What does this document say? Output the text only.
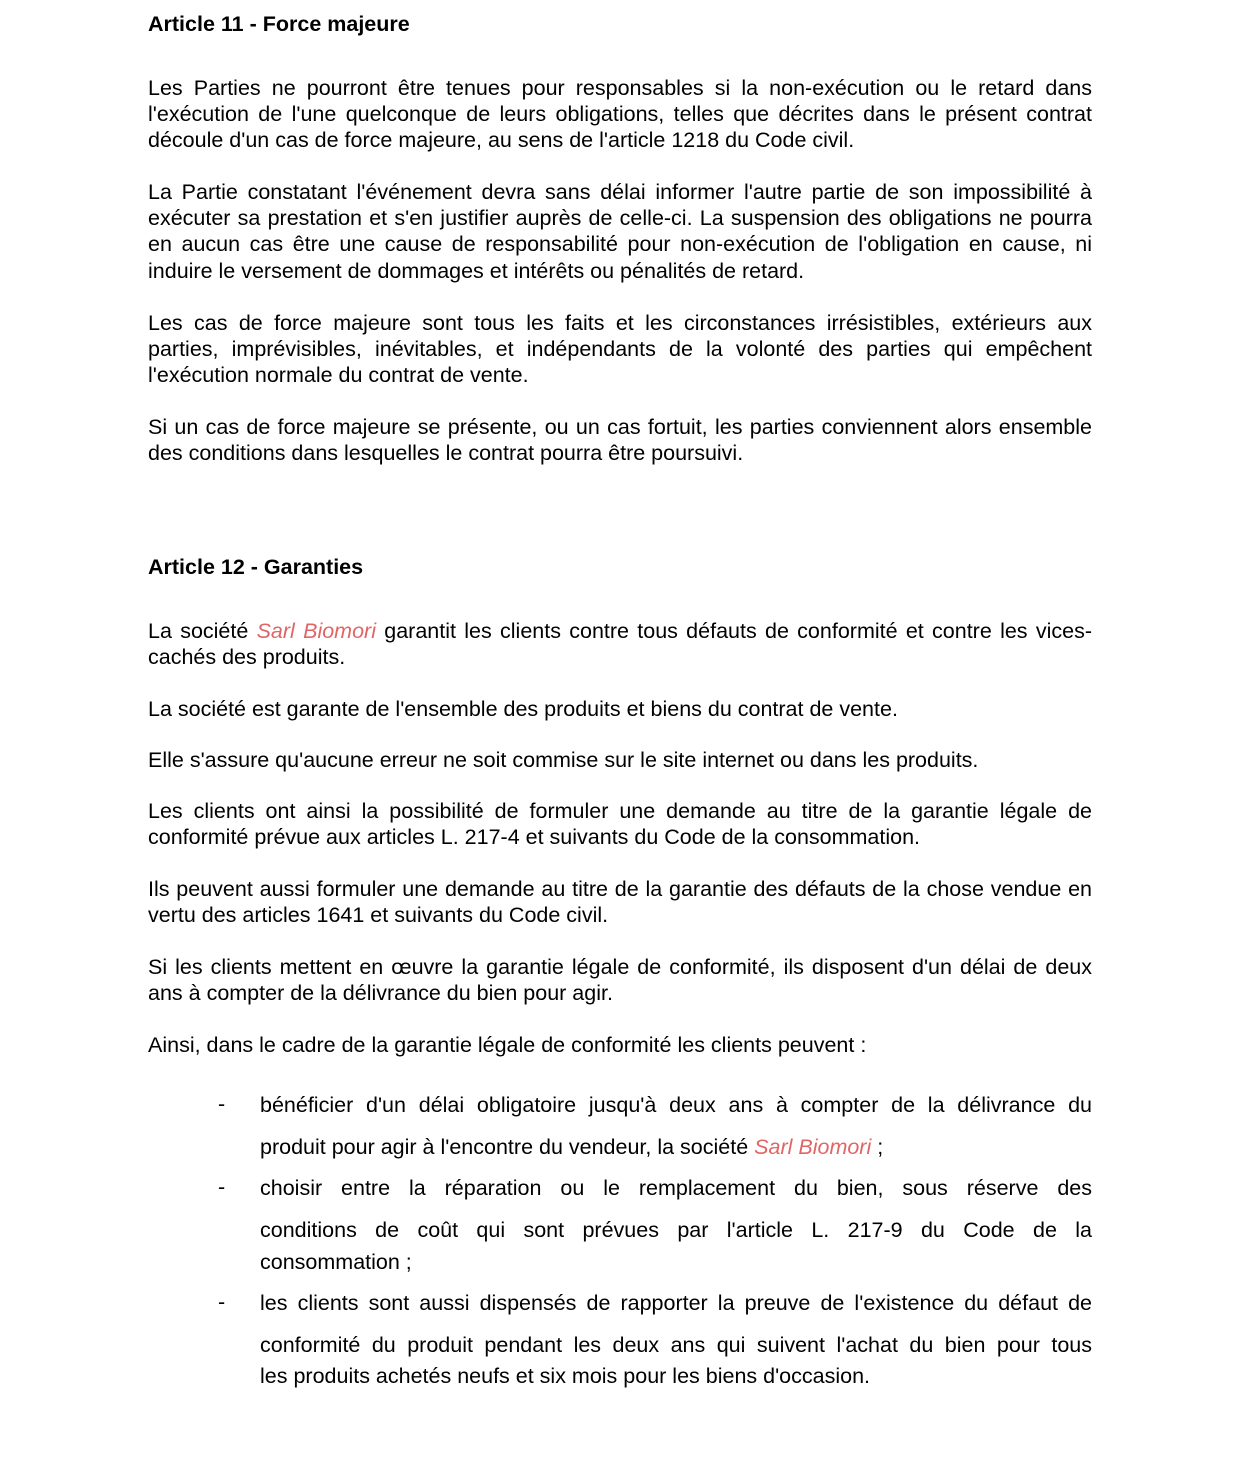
Article 11 - Force majeure

Les Parties ne pourront être tenues pour responsables si la non-exécution ou le retard dans l'exécution de l'une quelconque de leurs obligations, telles que décrites dans le présent contrat découle d'un cas de force majeure, au sens de l'article 1218 du Code civil.

La Partie constatant l'événement devra sans délai informer l'autre partie de son impossibilité à exécuter sa prestation et s'en justifier auprès de celle-ci. La suspension des obligations ne pourra en aucun cas être une cause de responsabilité pour non-exécution de l'obligation en cause, ni induire le versement de dommages et intérêts ou pénalités de retard.

Les cas de force majeure sont tous les faits et les circonstances irrésistibles, extérieurs aux parties, imprévisibles, inévitables, et indépendants de la volonté des parties qui empêchent l'exécution normale du contrat de vente.

Si un cas de force majeure se présente, ou un cas fortuit, les parties conviennent alors ensemble des conditions dans lesquelles le contrat pourra être poursuivi.

Article 12 - Garanties

La société Sarl Biomori garantit les clients contre tous défauts de conformité et contre les vices-cachés des produits.

La société est garante de l'ensemble des produits et biens du contrat de vente.

Elle s'assure qu'aucune erreur ne soit commise sur le site internet ou dans les produits.

Les clients ont ainsi la possibilité de formuler une demande au titre de la garantie légale de conformité prévue aux articles L. 217-4 et suivants du Code de la consommation.

Ils peuvent aussi formuler une demande au titre de la garantie des défauts de la chose vendue en vertu des articles 1641 et suivants du Code civil.

Si les clients mettent en œuvre la garantie légale de conformité, ils disposent d'un délai de deux ans à compter de la délivrance du bien pour agir.

Ainsi, dans le cadre de la garantie légale de conformité les clients peuvent :

-	bénéficier d'un délai obligatoire jusqu'à deux ans à compter de la délivrance du
produit pour agir à l'encontre du vendeur, la société Sarl Biomori ;
-	choisir entre la réparation ou le remplacement du bien, sous réserve des
conditions de coût qui sont prévues par l'article L. 217-9 du Code de la
consommation ;
-	les clients sont aussi dispensés de rapporter la preuve de l'existence du défaut de
conformité du produit pendant les deux ans qui suivent l'achat du bien pour tous
les produits achetés neufs et six mois pour les biens d'occasion.
